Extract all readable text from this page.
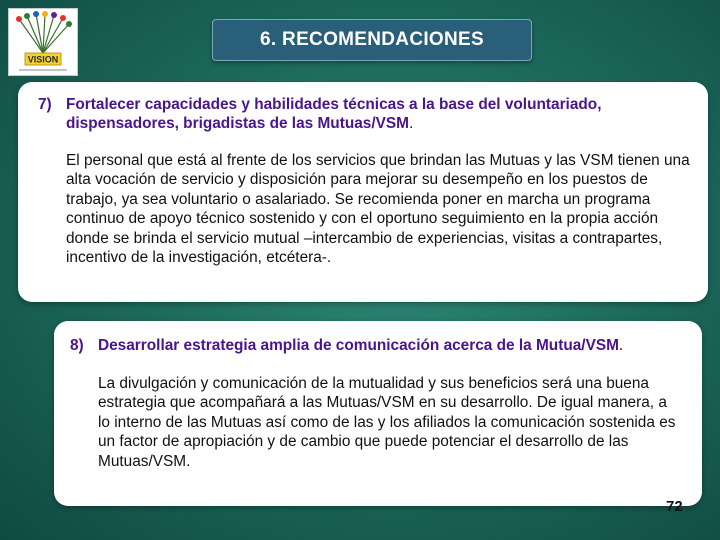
VISION
6. RECOMENDACIONES
7) Fortalecer capacidades y habilidades técnicas a la base del voluntariado, dispensadores, brigadistas de las Mutuas/VSM.
El personal que está al frente de los servicios que brindan las Mutuas y las VSM tienen una alta vocación de servicio y disposición para mejorar su desempeño en los puestos de trabajo, ya sea voluntario o asalariado. Se recomienda poner en marcha un programa continuo de apoyo técnico sostenido y con el oportuno seguimiento en la propia acción donde se brinda el servicio mutual –intercambio de experiencias, visitas a contrapartes, incentivo de la investigación, etcétera-.
8) Desarrollar estrategia amplia de comunicación acerca de la Mutua/VSM.
La divulgación y comunicación de la mutualidad y sus beneficios será una buena estrategia que acompañará a las Mutuas/VSM en su desarrollo. De igual manera, a lo interno de las Mutuas así como de las y los afiliados la comunicación sostenida es un factor de apropiación y de cambio que puede potenciar el desarrollo de las Mutuas/VSM.
72
